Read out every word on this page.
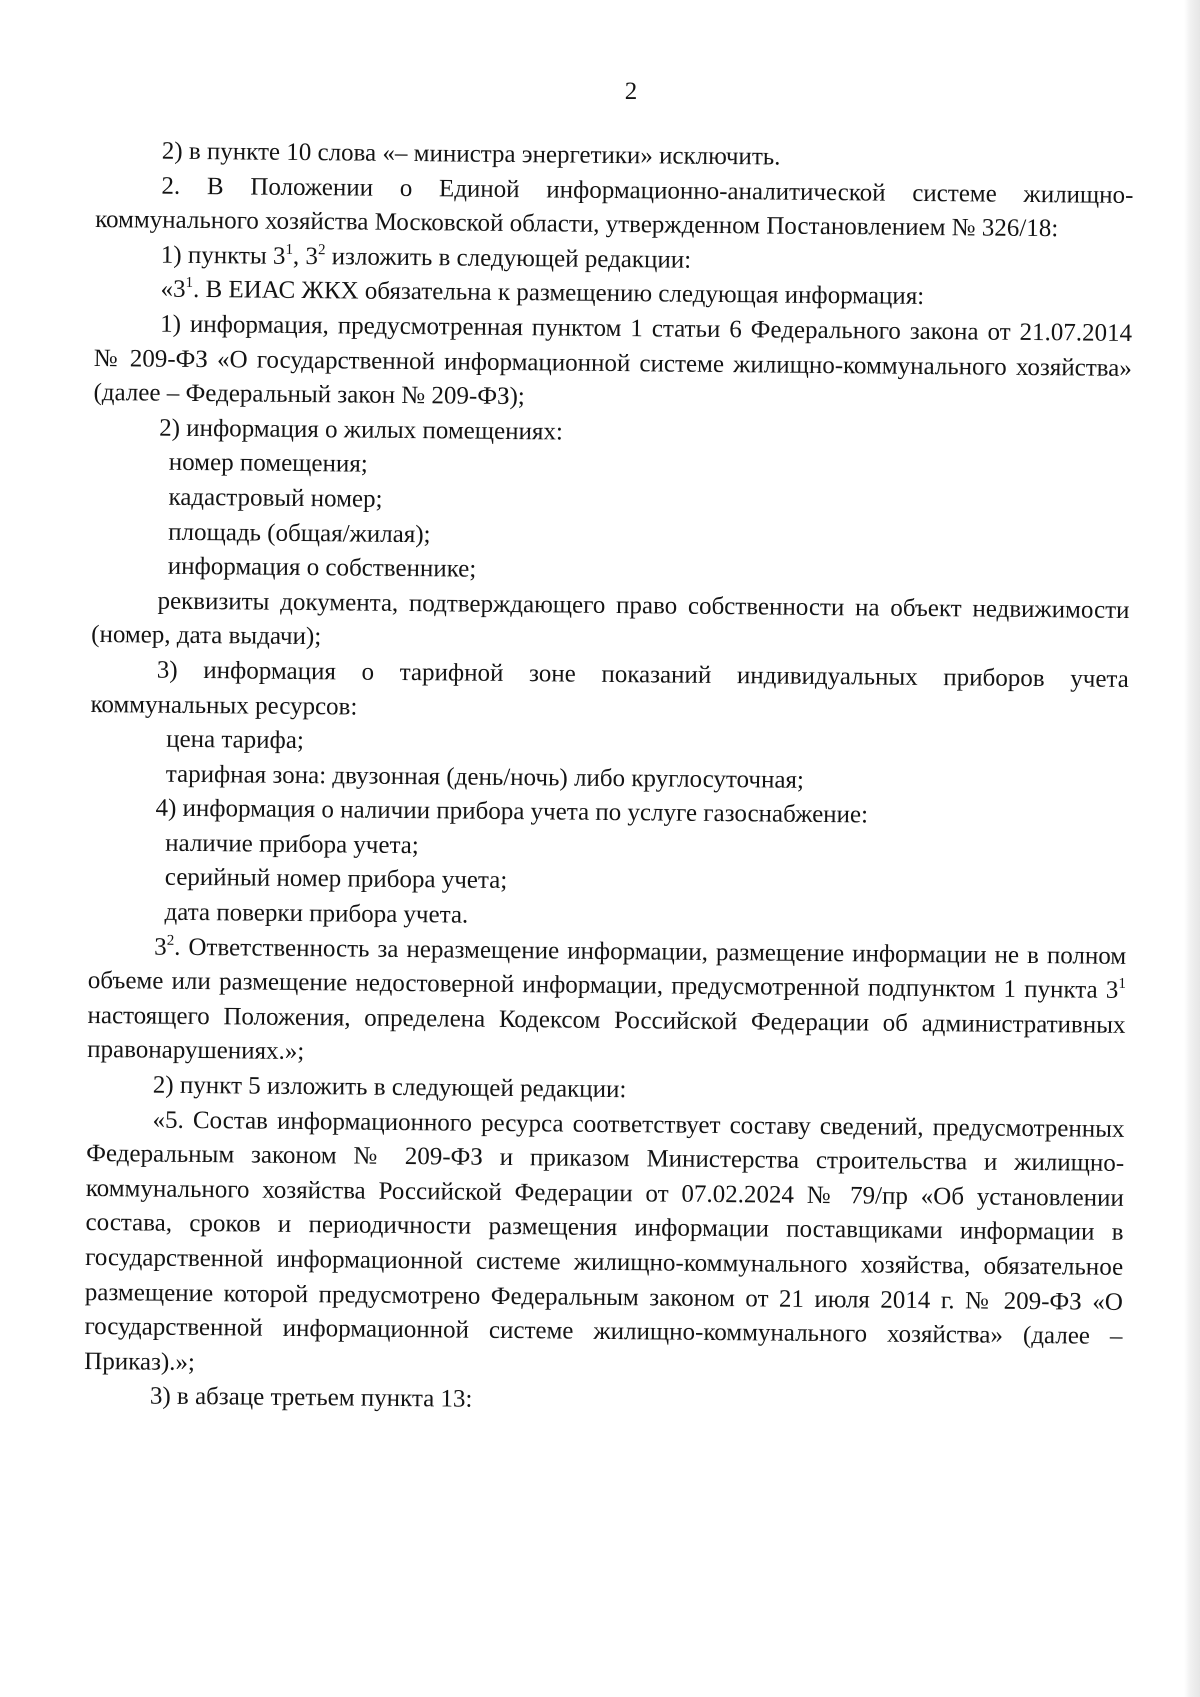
2

2) в пункте 10 слова «– министра энергетики» исключить.

2. В Положении о Единой информационно-аналитической системе жилищно-коммунального хозяйства Московской области, утвержденном Постановлением № 326/18:

1) пункты $3^1$, $3^2$ изложить в следующей редакции:

«$3^1$. В ЕИАС ЖКХ обязательна к размещению следующая информация:

1) информация, предусмотренная пунктом 1 статьи 6 Федерального закона от 21.07.2014 № 209-ФЗ «О государственной информационной системе жилищно-коммунального хозяйства» (далее – Федеральный закон № 209-ФЗ);

2) информация о жилых помещениях:

номер помещения;

кадастровый номер;

площадь (общая/жилая);

информация о собственнике;

реквизиты документа, подтверждающего право собственности на объект недвижимости (номер, дата выдачи);

3) информация о тарифной зоне показаний индивидуальных приборов учета коммунальных ресурсов:

цена тарифа;

тарифная зона: двузонная (день/ночь) либо круглосуточная;

4) информация о наличии прибора учета по услуге газоснабжение:

наличие прибора учета;

серийный номер прибора учета;

дата поверки прибора учета.

$3^2$. Ответственность за неразмещение информации, размещение информации не в полном объеме или размещение недостоверной информации, предусмотренной подпунктом 1 пункта $3^1$ настоящего Положения, определена Кодексом Российской Федерации об административных правонарушениях.»;

2) пункт 5 изложить в следующей редакции:

«5. Состав информационного ресурса соответствует составу сведений, предусмотренных Федеральным законом № 209-ФЗ и приказом Министерства строительства и жилищно-коммунального хозяйства Российской Федерации от 07.02.2024 № 79/пр «Об установлении состава, сроков и периодичности размещения информации поставщиками информации в государственной информационной системе жилищно-коммунального хозяйства, обязательное размещение которой предусмотрено Федеральным законом от 21 июля 2014 г. № 209-ФЗ «О государственной информационной системе жилищно-коммунального хозяйства» (далее – Приказ).»;

3) в абзаце третьем пункта 13:
